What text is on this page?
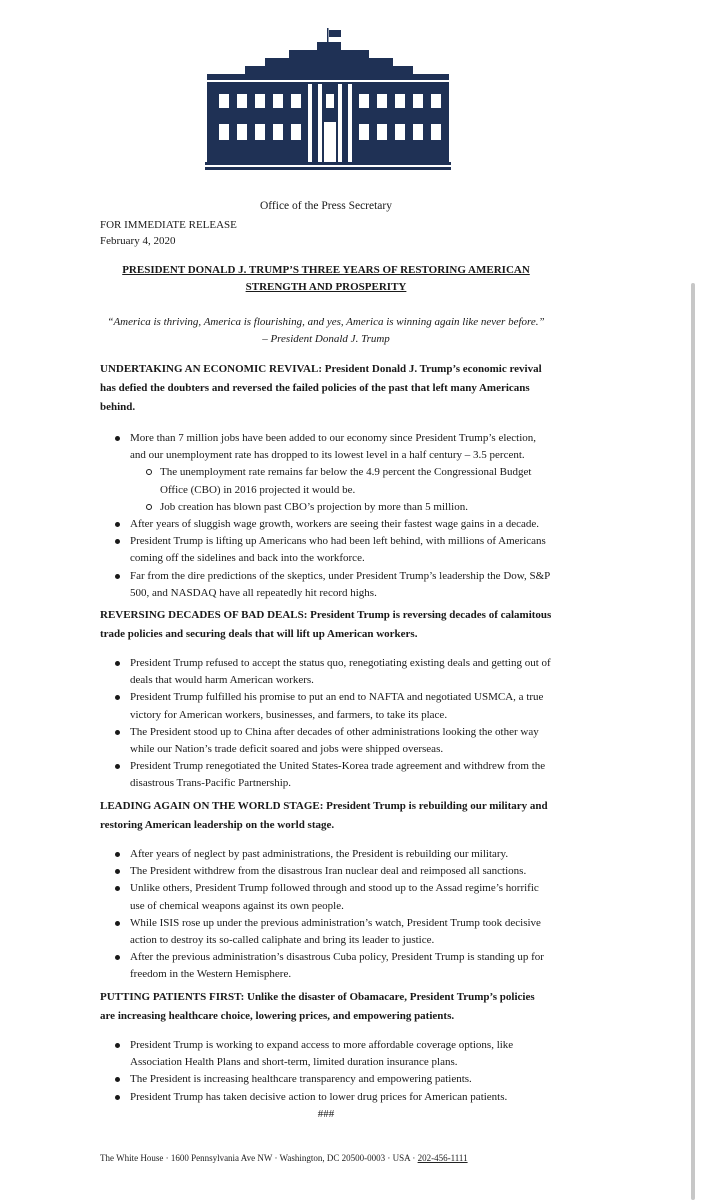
Office of the Press Secretary
FOR IMMEDIATE RELEASE
February 4, 2020
PRESIDENT DONALD J. TRUMP’S THREE YEARS OF RESTORING AMERICAN
STRENGTH AND PROSPERITY
“America is thriving, America is flourishing, and yes, America is winning again like never before.”
– President Donald J. Trump
UNDERTAKING AN ECONOMIC REVIVAL: President Donald J. Trump’s economic revival has defied the doubters and reversed the failed policies of the past that left many Americans behind.
More than 7 million jobs have been added to our economy since President Trump’s election, and our unemployment rate has dropped to its lowest level in a half century – 3.5 percent.
The unemployment rate remains far below the 4.9 percent the Congressional Budget Office (CBO) in 2016 projected it would be.
Job creation has blown past CBO’s projection by more than 5 million.
After years of sluggish wage growth, workers are seeing their fastest wage gains in a decade.
President Trump is lifting up Americans who had been left behind, with millions of Americans coming off the sidelines and back into the workforce.
Far from the dire predictions of the skeptics, under President Trump’s leadership the Dow, S&P 500, and NASDAQ have all repeatedly hit record highs.
REVERSING DECADES OF BAD DEALS: President Trump is reversing decades of calamitous trade policies and securing deals that will lift up American workers.
President Trump refused to accept the status quo, renegotiating existing deals and getting out of deals that would harm American workers.
President Trump fulfilled his promise to put an end to NAFTA and negotiated USMCA, a true victory for American workers, businesses, and farmers, to take its place.
The President stood up to China after decades of other administrations looking the other way while our Nation’s trade deficit soared and jobs were shipped overseas.
President Trump renegotiated the United States-Korea trade agreement and withdrew from the disastrous Trans-Pacific Partnership.
LEADING AGAIN ON THE WORLD STAGE: President Trump is rebuilding our military and restoring American leadership on the world stage.
After years of neglect by past administrations, the President is rebuilding our military.
The President withdrew from the disastrous Iran nuclear deal and reimposed all sanctions.
Unlike others, President Trump followed through and stood up to the Assad regime’s horrific use of chemical weapons against its own people.
While ISIS rose up under the previous administration’s watch, President Trump took decisive action to destroy its so-called caliphate and bring its leader to justice.
After the previous administration’s disastrous Cuba policy, President Trump is standing up for freedom in the Western Hemisphere.
PUTTING PATIENTS FIRST: Unlike the disaster of Obamacare, President Trump’s policies are increasing healthcare choice, lowering prices, and empowering patients.
President Trump is working to expand access to more affordable coverage options, like Association Health Plans and short-term, limited duration insurance plans.
The President is increasing healthcare transparency and empowering patients.
President Trump has taken decisive action to lower drug prices for American patients.
###
The White House · 1600 Pennsylvania Ave NW · Washington, DC 20500-0003 · USA · 202-456-1111
